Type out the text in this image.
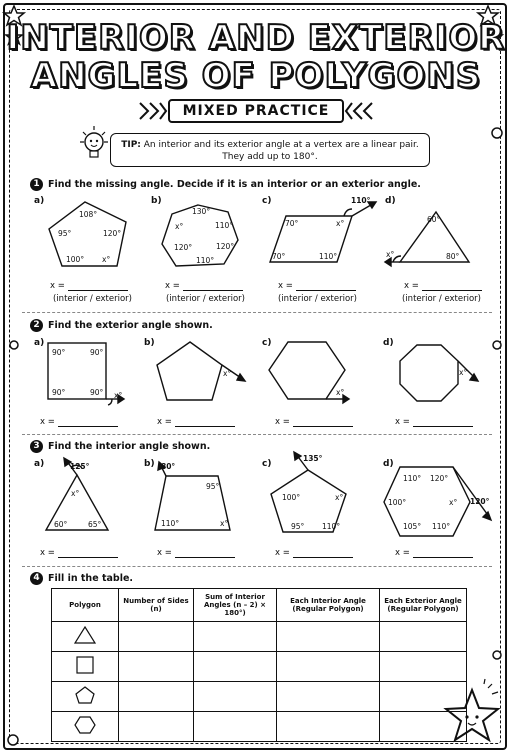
INTERIOR AND EXTERIOR
ANGLES OF POLYGONS
MIXED PRACTICE
TIP: An interior and its exterior angle at a vertex are a linear pair. They add up to 180°.
1 Find the missing angle. Decide if it is an interior or an exterior angle.
a)	b)	c)	d)
108°
95°	120°
100° x°
130°
x°	110°
120°	120°
110°
110°
70°	x°
70°	110°
60°
x°	80°
x =	x =	x =	x =
(interior / exterior)	(interior / exterior)	(interior / exterior)	(interior / exterior)
2 Find the exterior angle shown.
a)	b)	c)	d)
90°	90°
90°	90° x°
x°
x°
x°
x =	x =	x =	x =
3 Find the interior angle shown.
a)	b)	c)	d)
125°
x°
60°	65°
80°
95°
110°	x°
135°
100°	x°
95° 110°
110° 120°
100°	x° 120°
105° 110°
x =	x =	x =	x =
4 Fill in the table.
Polygon	Number of Sides (n)	Sum of Interior Angles (n – 2) × 180°)	Each Interior Angle (Regular Polygon)	Each Exterior Angle (Regular Polygon)
